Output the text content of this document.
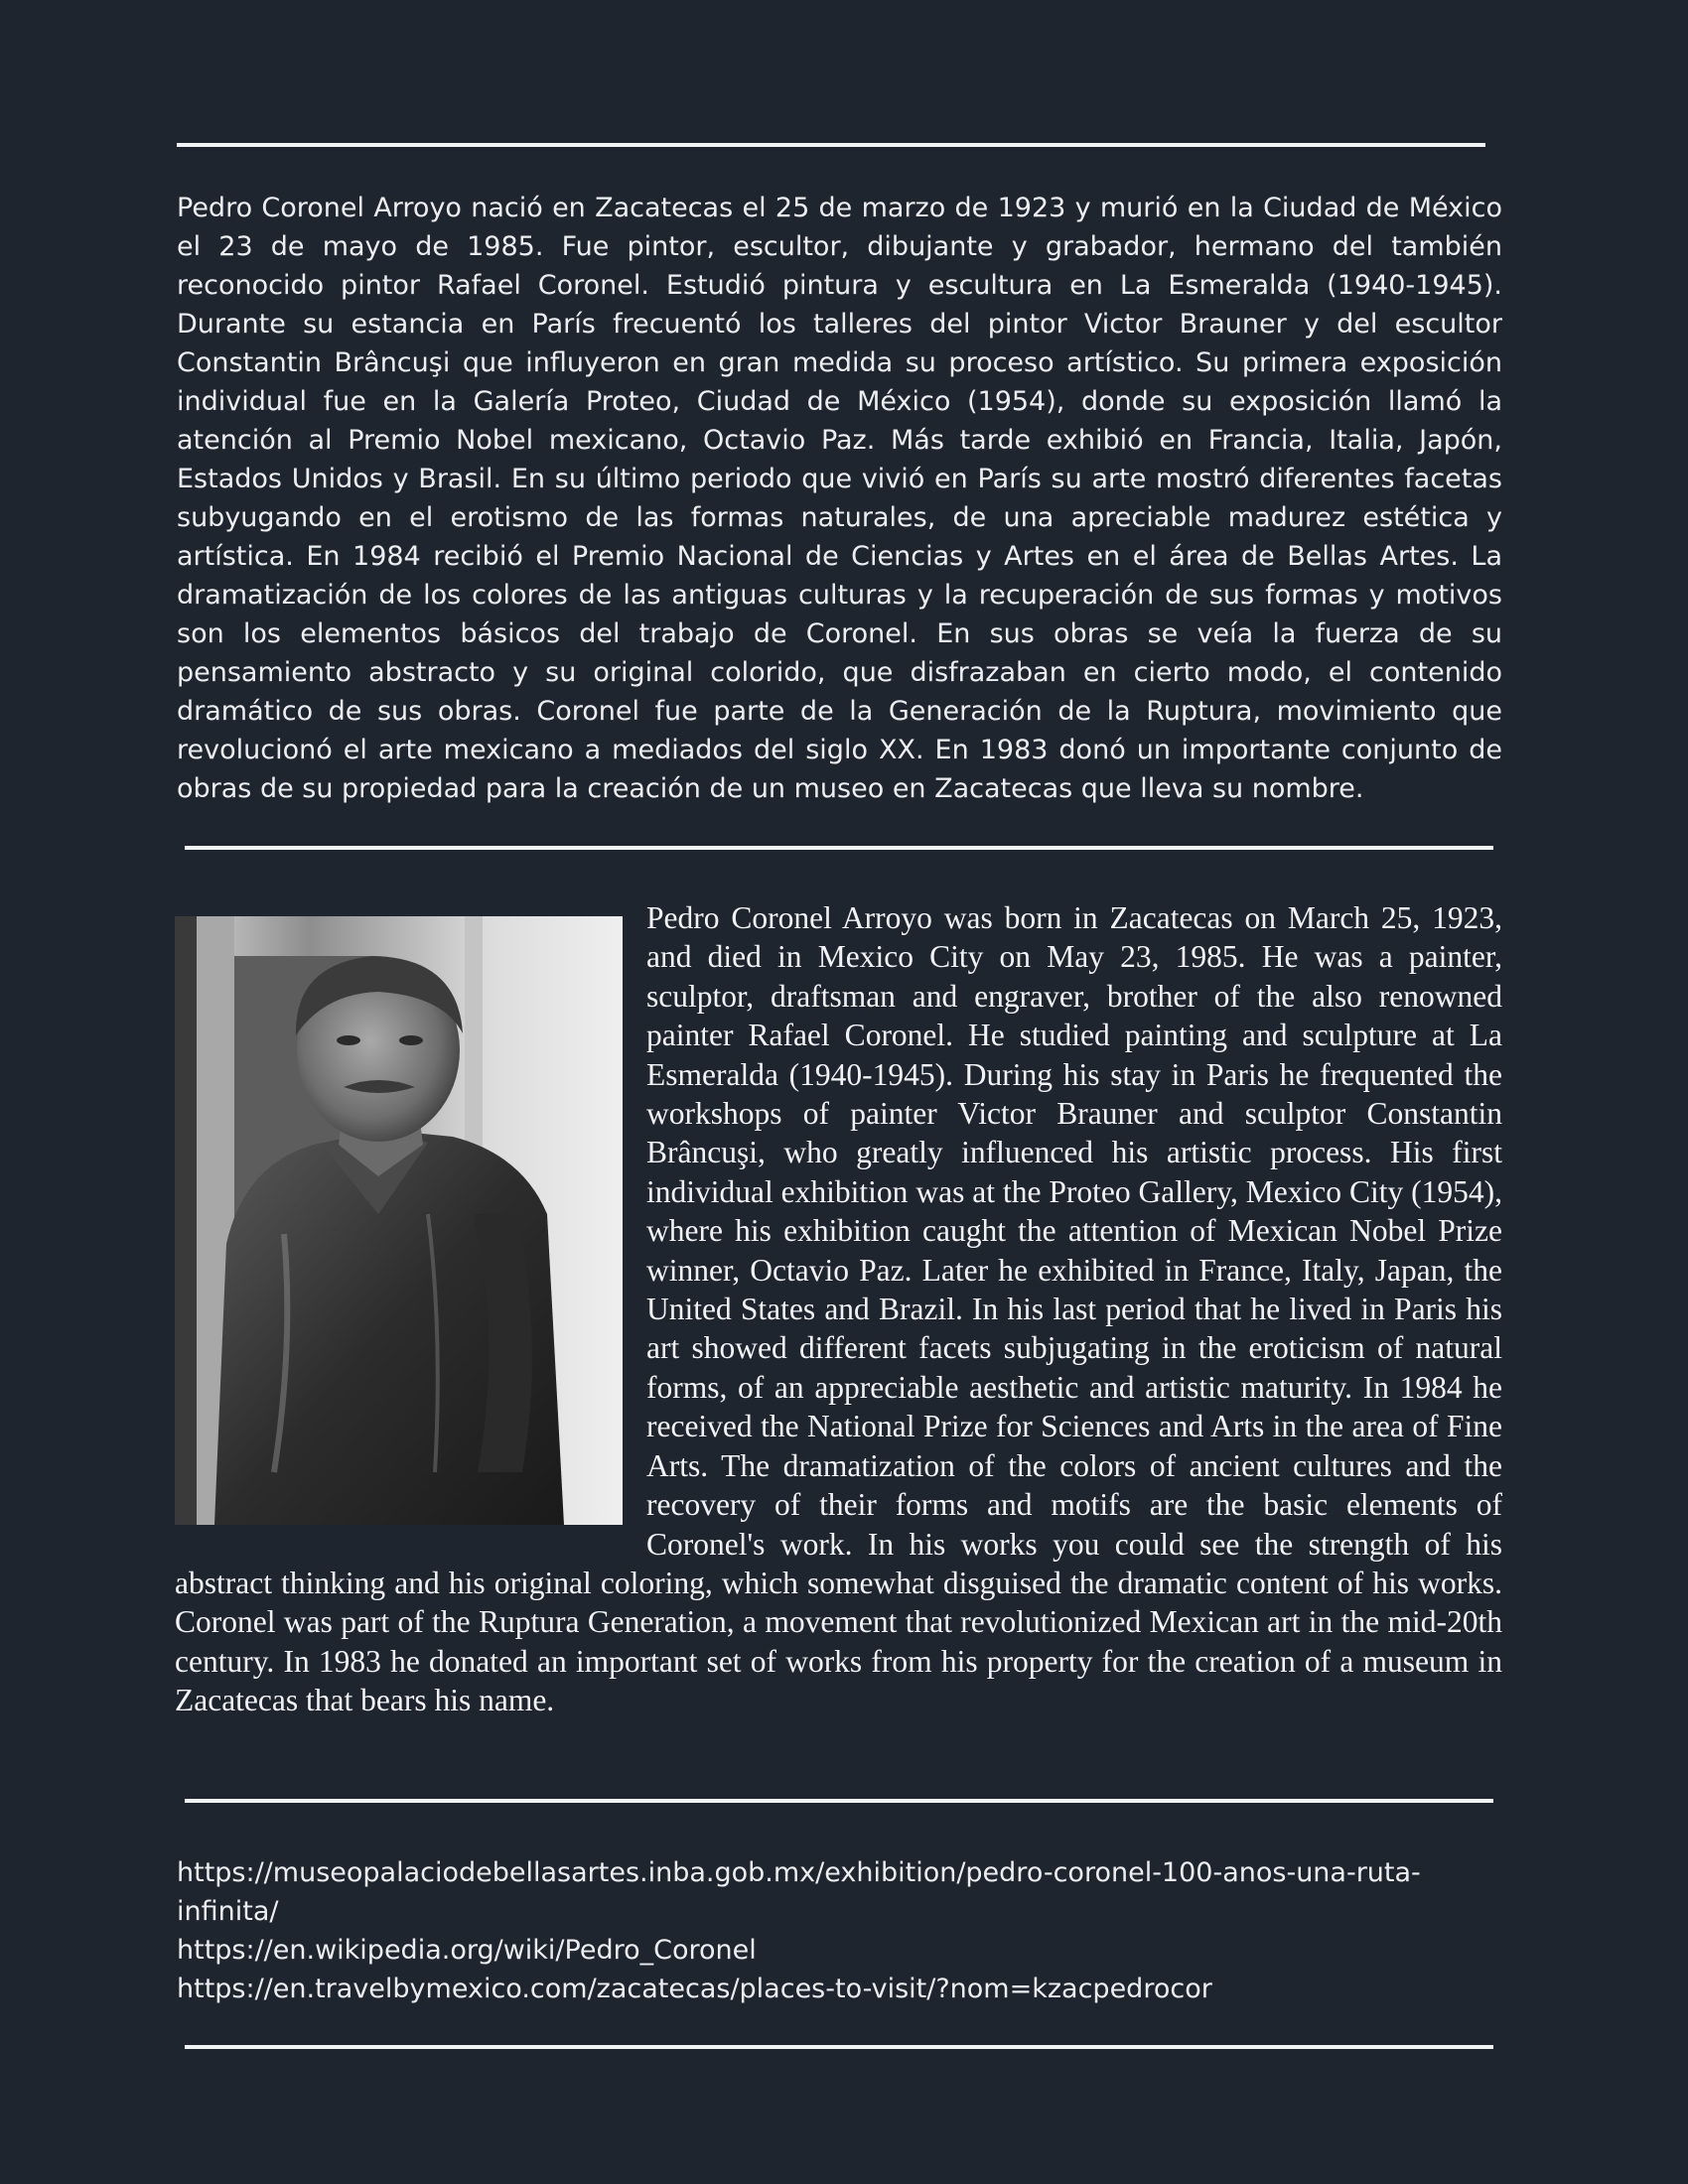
Pedro Coronel Arroyo nació en Zacatecas el 25 de marzo de 1923 y murió en la Ciudad de México el 23 de mayo de 1985. Fue pintor, escultor, dibujante y grabador, hermano del también reconocido pintor Rafael Coronel. Estudió pintura y escultura en La Esmeralda (1940-1945). Durante su estancia en París frecuentó los talleres del pintor Victor Brauner y del escultor Constantin Brâncuşi que influyeron en gran medida su proceso artístico. Su primera exposición individual fue en la Galería Proteo, Ciudad de México (1954), donde su exposición llamó la atención al Premio Nobel mexicano, Octavio Paz. Más tarde exhibió en Francia, Italia, Japón, Estados Unidos y Brasil. En su último periodo que vivió en París su arte mostró diferentes facetas subyugando en el erotismo de las formas naturales, de una apreciable madurez estética y artística. En 1984 recibió el Premio Nacional de Ciencias y Artes en el área de Bellas Artes. La dramatización de los colores de las antiguas culturas y la recuperación de sus formas y motivos son los elementos básicos del trabajo de Coronel. En sus obras se veía la fuerza de su pensamiento abstracto y su original colorido, que disfrazaban en cierto modo, el contenido dramático de sus obras. Coronel fue parte de la Generación de la Ruptura, movimiento que revolucionó el arte mexicano a mediados del siglo XX. En 1983 donó un importante conjunto de obras de su propiedad para la creación de un museo en Zacatecas que lleva su nombre.

Pedro Coronel Arroyo was born in Zacatecas on March 25, 1923, and died in Mexico City on May 23, 1985. He was a painter, sculptor, draftsman and engraver, brother of the also renowned painter Rafael Coronel. He studied painting and sculpture at La Esmeralda (1940-1945). During his stay in Paris he frequented the workshops of painter Victor Brauner and sculptor Constantin Brâncuşi, who greatly influenced his artistic process. His first individual exhibition was at the Proteo Gallery, Mexico City (1954), where his exhibition caught the attention of Mexican Nobel Prize winner, Octavio Paz. Later he exhibited in France, Italy, Japan, the United States and Brazil. In his last period that he lived in Paris his art showed different facets subjugating in the eroticism of natural forms, of an appreciable aesthetic and artistic maturity. In 1984 he received the National Prize for Sciences and Arts in the area of Fine Arts. The dramatization of the colors of ancient cultures and the recovery of their forms and motifs are the basic elements of Coronel's work. In his works you could see the strength of his abstract thinking and his original coloring, which somewhat disguised the dramatic content of his works. Coronel was part of the Ruptura Generation, a movement that revolutionized Mexican art in the mid-20th century. In 1983 he donated an important set of works from his property for the creation of a museum in Zacatecas that bears his name.

https://museopalaciodebellasartes.inba.gob.mx/exhibition/pedro-coronel-100-anos-una-ruta-infinita/
https://en.wikipedia.org/wiki/Pedro_Coronel
https://en.travelbymexico.com/zacatecas/places-to-visit/?nom=kzacpedrocor
